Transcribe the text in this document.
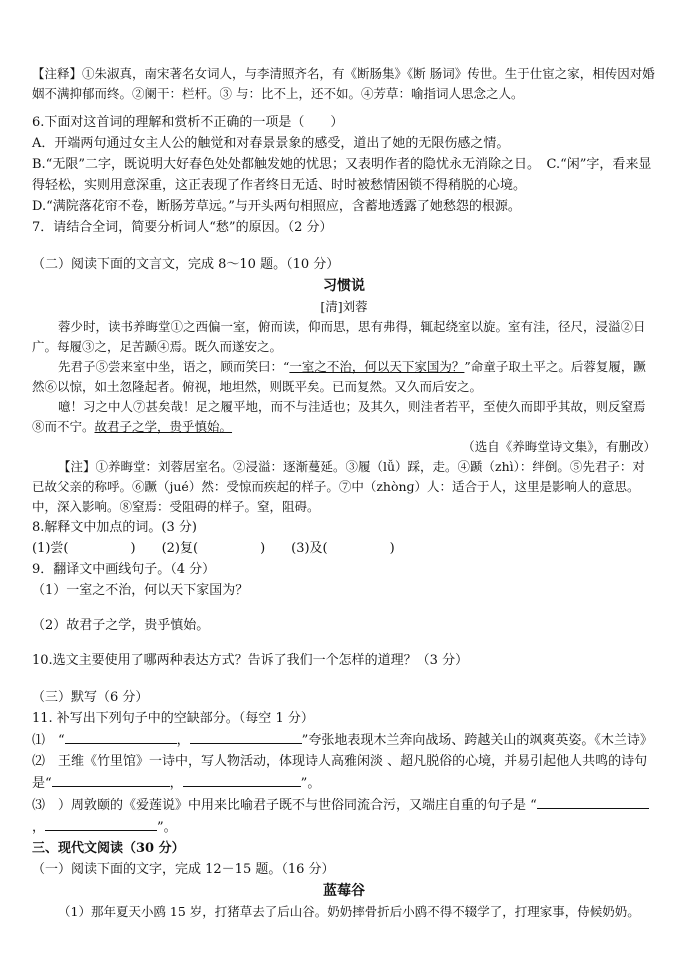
【注释】①朱淑真，南宋著名女词人，与李清照齐名，有《断肠集》《断 肠词》传世。生于仕宦之家，相传因对婚姻不满抑郁而终。②阑干：栏杆。③ 与：比不上，还不如。④芳草：喻指词人思念之人。

6.下面对这首词的理解和赏析不正确的一项是（　　）

A．开端两句通过女主人公的触觉和对春景景象的感受，道出了她的无限伤感之情。

B.“无限”二字，既说明大好春色处处都触发她的忧思；又表明作者的隐忧永无消除之日。　C.“闲”字，看来显得轻松，实则用意深重，这正表现了作者终日无适、时时被愁情困锁不得稍脱的心境。

D.“满院落花帘不卷，断肠芳草远。”与开头两句相照应，含蓄地透露了她愁怨的根源。

7．请结合全词，简要分析词人“愁”的原因。（2 分）

（二）阅读下面的文言文，完成 8～10 题。（10 分）

习惯说

[清]刘蓉

蓉少时，读书养晦堂①之西偏一室，俯而读，仰而思，思有弗得，辄起绕室以旋。室有洼，径尺，浸溢②日广。每履③之，足苦踬④焉。既久而遂安之。

先君子⑤尝来室中坐，语之，顾而笑曰：“一室之不治，何以天下家国为？”命童子取土平之。后蓉复履，蹶然⑥以惊，如土忽隆起者。俯视，地坦然，则既平矣。已而复然。又久而后安之。

噫！习之中人⑦甚矣哉！足之履平地，而不与洼适也；及其久，则洼者若平，至使久而即乎其故，则反窒焉⑧而不宁。故君子之学，贵乎慎始。

（选自《养晦堂诗文集》，有删改）

【注】①养晦堂：刘蓉居室名。②浸溢：逐渐蔓延。③履（lǚ）踩，走。④踬（zhì）：绊倒。⑤先君子：对已故父亲的称呼。⑥蹶（jué）然：受惊而疾起的样子。⑦中（zhònɡ）人：适合于人，这里是影响人的意思。中，深入影响。⑧窒焉：受阻碍的样子。窒，阻碍。

8.解释文中加点的词。(3 分)

(1)尝(	)　　(2)复(	)　　(3)及(	)

9．翻译文中画线句子。（4 分）

（1）一室之不治，何以天下家国为？

（2）故君子之学，贵乎慎始。

10.选文主要使用了哪两种表达方式？告诉了我们一个怎样的道理？（3 分）

（三）默写（6 分）

11. 补写出下列句子中的空缺部分。（每空 1 分）

⑴　“	，	”夸张地表现木兰奔向战场、跨越关山的飒爽英姿。《木兰诗》

⑵　王维《竹里馆》一诗中，写人物活动，体现诗人高雅闲淡 、超凡脱俗的心境，并易引起他人共鸣的诗句是“	，	”。

⑶　）周敦颐的《爱莲说》中用来比喻君子既不与世俗同流合污，又端庄自重的句子是 “，	”。

三、现代文阅读（30 分）

（一）阅读下面的文字，完成 12－15 题。（16 分）

蓝莓谷

（1）那年夏天小鸥 15 岁，打猪草去了后山谷。奶奶摔骨折后小鸥不得不辍学了，打理家事，侍候奶奶。
